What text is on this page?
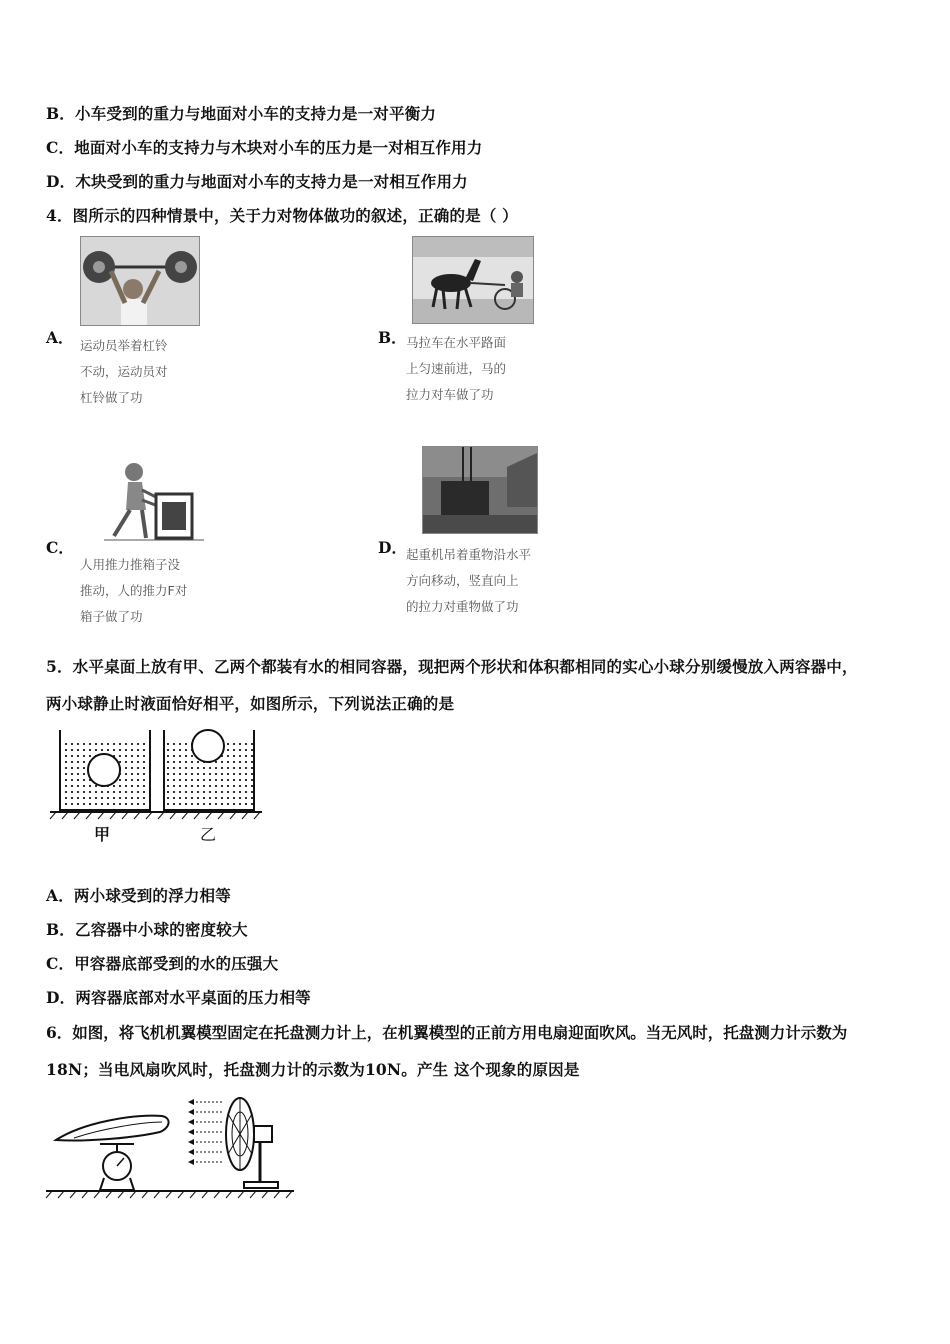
B．小车受到的重力与地面对小车的支持力是一对平衡力
C．地面对小车的支持力与木块对小车的压力是一对相互作用力
D．木块受到的重力与地面对小车的支持力是一对相互作用力
4．图所示的四种情景中，关于力对物体做功的叙述，正确的是（ ）
A． 运动员举着杠铃
不动，运动员对
杠铃做了功
B． 马拉车在水平路面
上匀速前进，马的
拉力对车做了功
C．
人用推力推箱子没
推动，人的推力F对
箱子做了功
D． 起重机吊着重物沿水平
方向移动，竖直向上
的拉力对重物做了功
5．水平桌面上放有甲、乙两个都装有水的相同容器，现把两个形状和体积都相同的实心小球分别缓慢放入两容器中，
两小球静止时液面恰好相平，如图所示，下列说法正确的是
甲	乙
A．两小球受到的浮力相等
B．乙容器中小球的密度较大
C．甲容器底部受到的水的压强大
D．两容器底部对水平桌面的压力相等
6．如图，将飞机机翼模型固定在托盘测力计上，在机翼模型的正前方用电扇迎面吹风。当无风时，托盘测力计示数为
18N；当电风扇吹风时，托盘测力计的示数为10N。产生 这个现象的原因是
